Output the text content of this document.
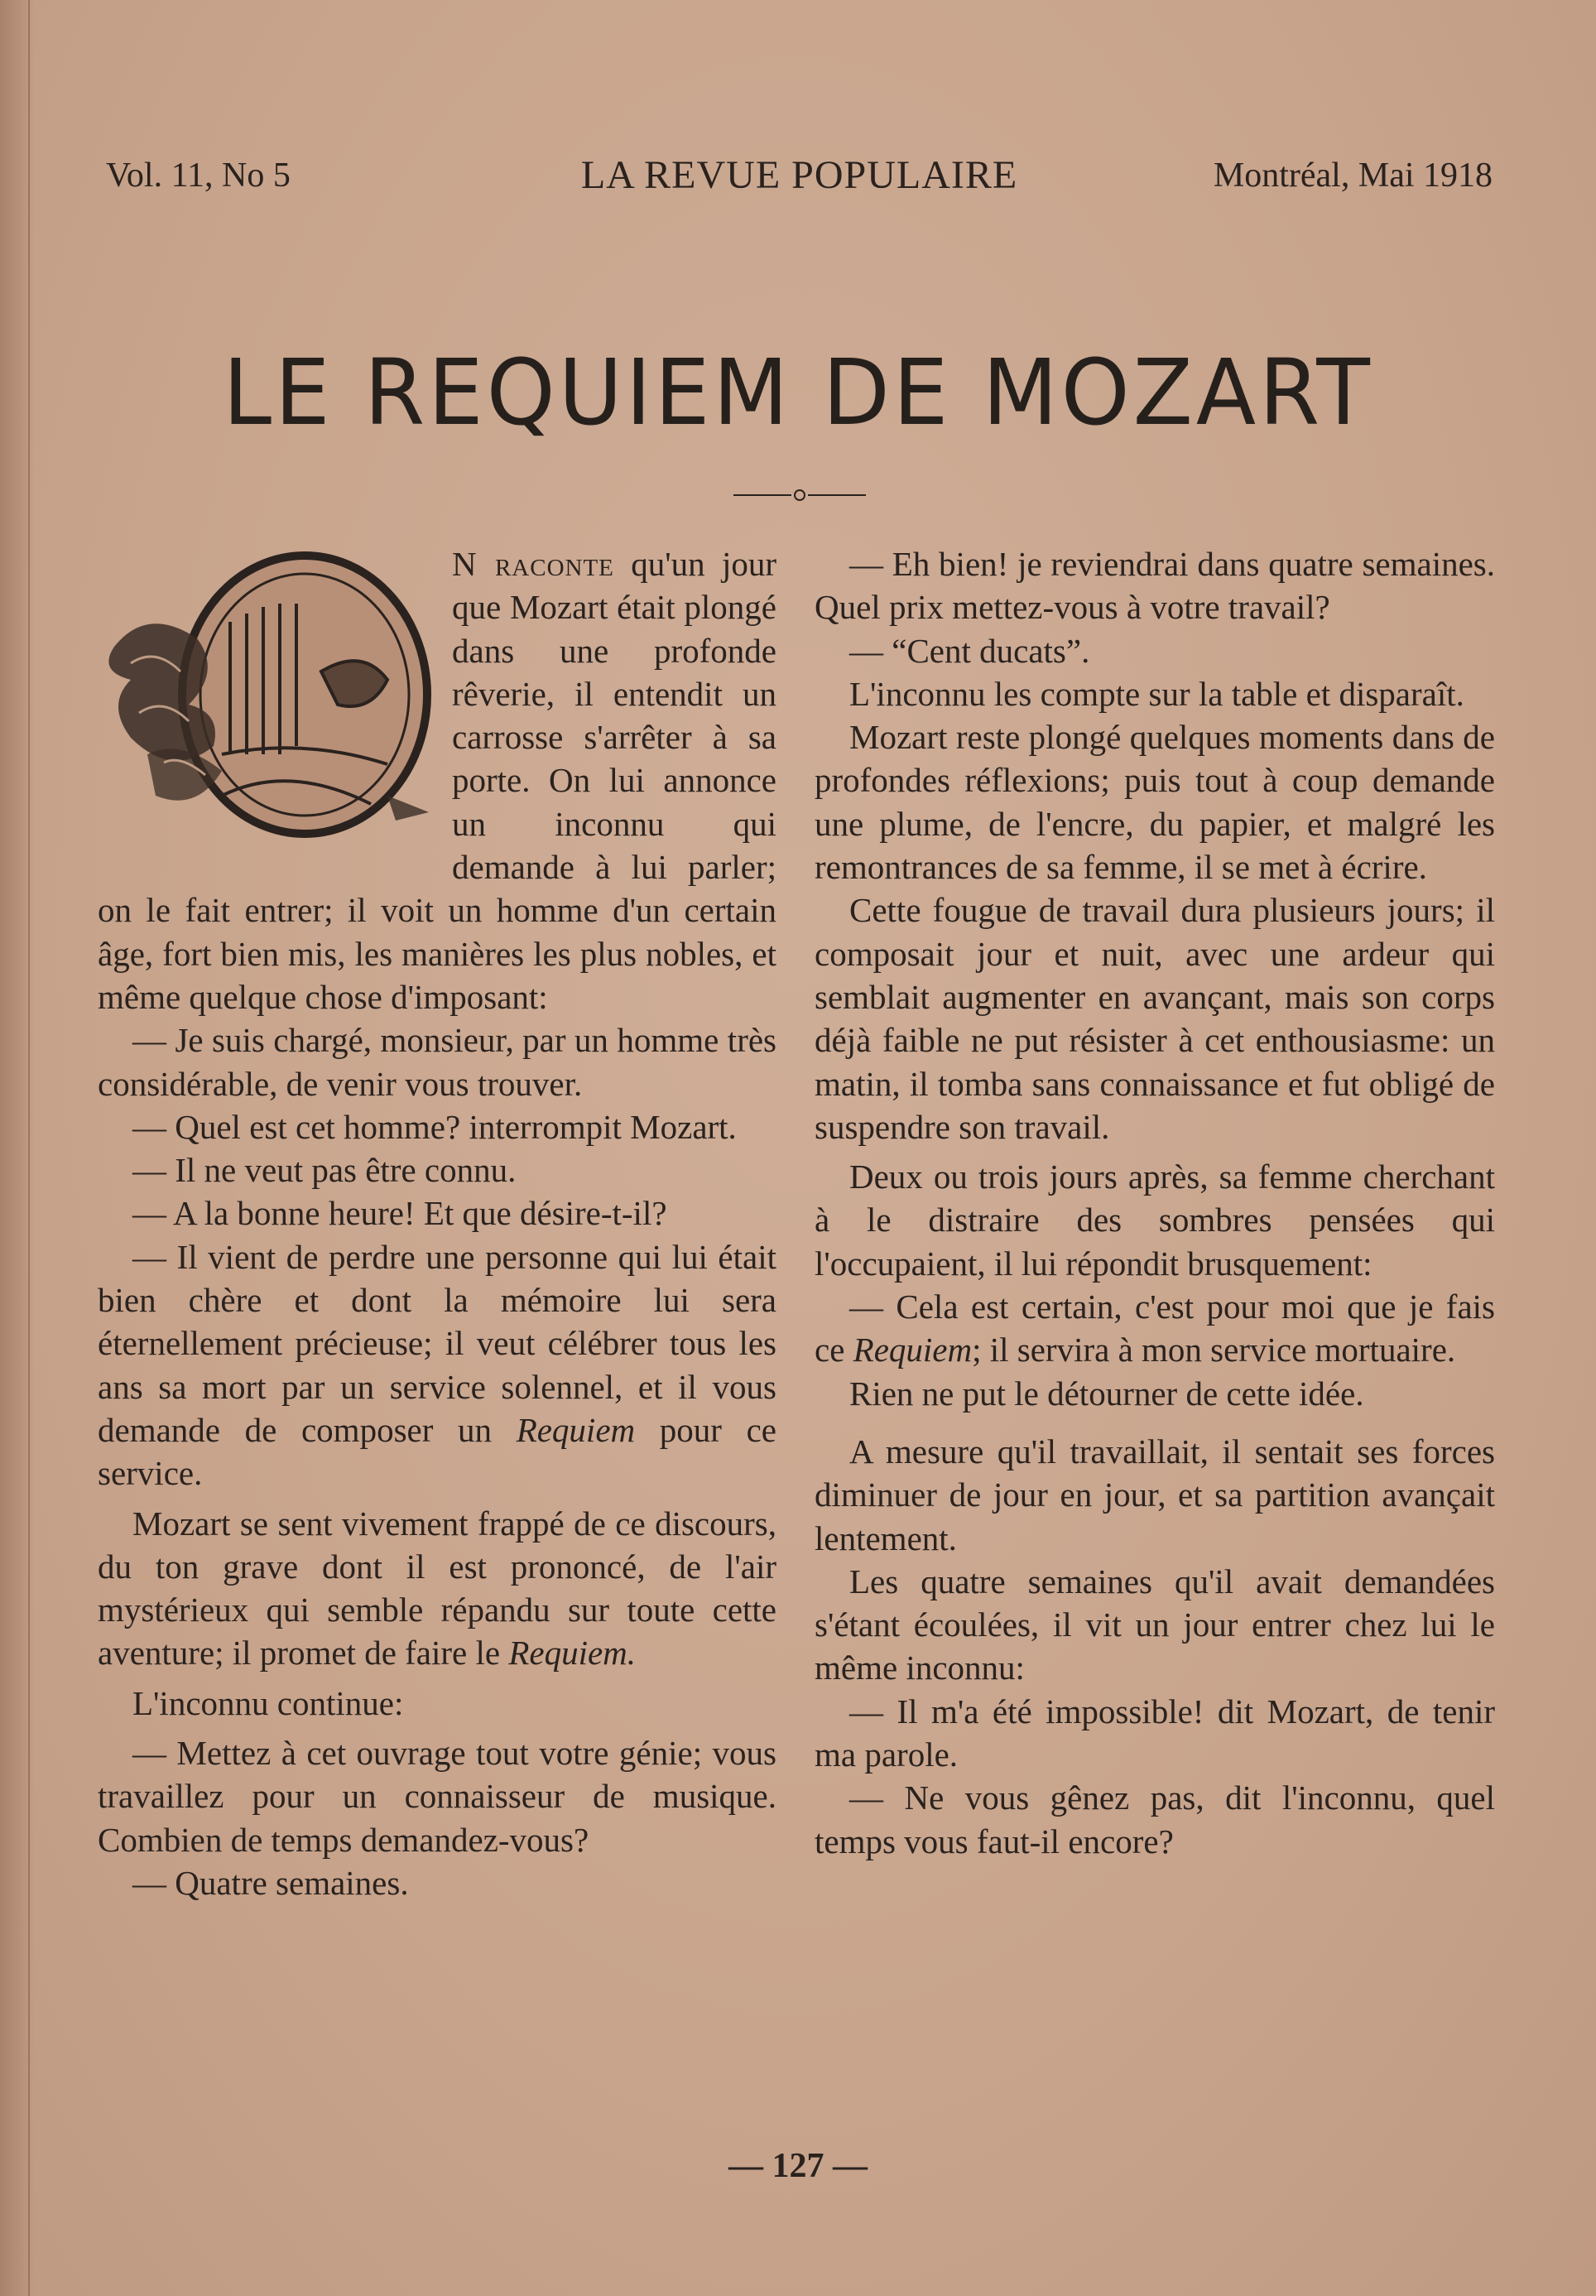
Vol. 11, No 5	LA REVUE POPULAIRE	Montréal, Mai 1918
LE REQUIEM DE MOZART

N raconte qu'un jour que Mozart était plongé dans une profonde rêverie, il entendit un carrosse s'arrêter à sa porte. On lui annonce un inconnu qui demande à lui parler; on le fait entrer; il voit un homme d'un certain âge, fort bien mis, les manières les plus nobles, et même quelque chose d'imposant:

— Je suis chargé, monsieur, par un homme très considérable, de venir vous trouver.

— Quel est cet homme? interrompit Mozart.

— Il ne veut pas être connu.

— A la bonne heure! Et que désire-t-il?

— Il vient de perdre une personne qui lui était bien chère et dont la mémoire lui sera éternellement précieuse; il veut célébrer tous les ans sa mort par un service solennel, et il vous demande de composer un Requiem pour ce service.

Mozart se sent vivement frappé de ce discours, du ton grave dont il est prononcé, de l'air mystérieux qui semble répandu sur toute cette aventure; il promet de faire le Requiem.

L'inconnu continue:

— Mettez à cet ouvrage tout votre génie; vous travaillez pour un connaisseur de musique. Combien de temps demandez-vous?

— Quatre semaines.

— Eh bien! je reviendrai dans quatre semaines. Quel prix mettez-vous à votre travail?

— “Cent ducats”.

L'inconnu les compte sur la table et disparaît.

Mozart reste plongé quelques moments dans de profondes réflexions; puis tout à coup demande une plume, de l'encre, du papier, et malgré les remontrances de sa femme, il se met à écrire.

Cette fougue de travail dura plusieurs jours; il composait jour et nuit, avec une ardeur qui semblait augmenter en avançant, mais son corps déjà faible ne put résister à cet enthousiasme: un matin, il tomba sans connaissance et fut obligé de suspendre son travail.

Deux ou trois jours après, sa femme cherchant à le distraire des sombres pensées qui l'occupaient, il lui répondit brusquement:

— Cela est certain, c'est pour moi que je fais ce Requiem; il servira à mon service mortuaire.

Rien ne put le détourner de cette idée.

A mesure qu'il travaillait, il sentait ses forces diminuer de jour en jour, et sa partition avançait lentement.

Les quatre semaines qu'il avait demandées s'étant écoulées, il vit un jour entrer chez lui le même inconnu:

— Il m'a été impossible! dit Mozart, de tenir ma parole.

— Ne vous gênez pas, dit l'inconnu, quel temps vous faut-il encore?

— 127 —
